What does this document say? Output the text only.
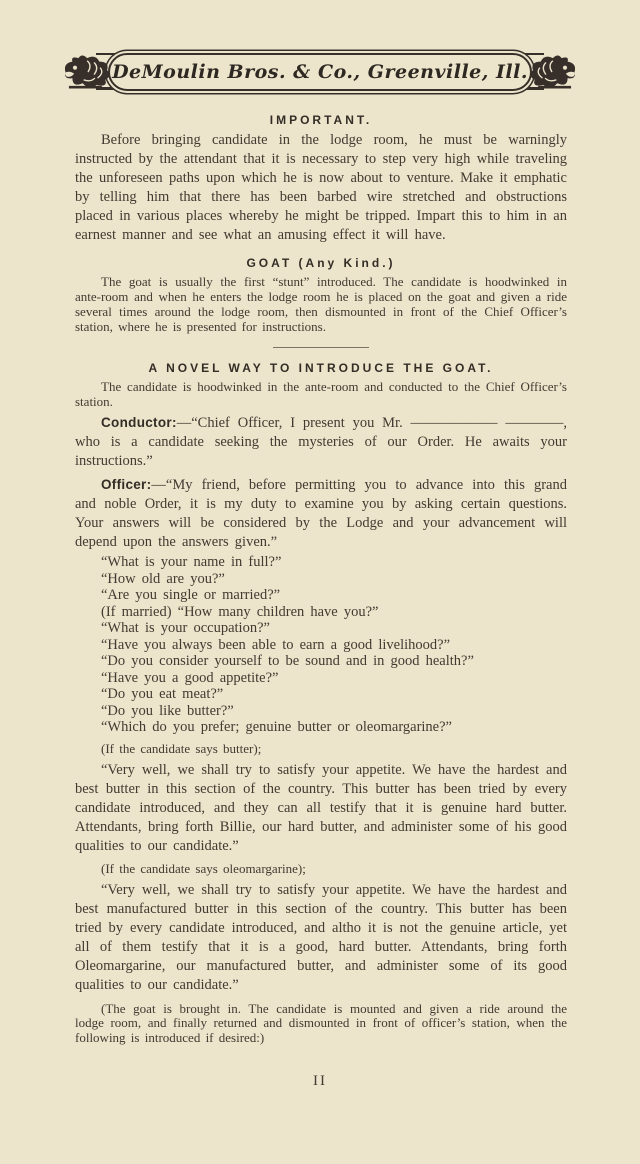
DeMoulin Bros. & Co., Greenville, Ill.
IMPORTANT.

Before bringing candidate in the lodge room, he must be warningly instructed by the attendant that it is necessary to step very high while traveling the unforeseen paths upon which he is now about to venture. Make it emphatic by telling him that there has been barbed wire stretched and obstructions placed in various places whereby he might be tripped. Impart this to him in an earnest manner and see what an amusing effect it will have.

GOAT (Any Kind.)

The goat is usually the first “stunt” introduced. The candidate is hoodwinked in ante-room and when he enters the lodge room he is placed on the goat and given a ride several times around the lodge room, then dismounted in front of the Chief Officer’s station, where he is presented for instructions.

A NOVEL WAY TO INTRODUCE THE GOAT.

The candidate is hoodwinked in the ante-room and conducted to the Chief Officer’s station.

Conductor:—“Chief Officer, I present you Mr. —————— ————, who is a candidate seeking the mysteries of our Order. He awaits your instructions.”

Officer:—“My friend, before permitting you to advance into this grand and noble Order, it is my duty to examine you by asking certain questions. Your answers will be considered by the Lodge and your advancement will depend upon the answers given.”

“What is your name in full?”
“How old are you?”
“Are you single or married?”
(If married) “How many children have you?”
“What is your occupation?”
“Have you always been able to earn a good livelihood?”
“Do you consider yourself to be sound and in good health?”
“Have you a good appetite?”
“Do you eat meat?”
“Do you like butter?”
“Which do you prefer; genuine butter or oleomargarine?”
(If the candidate says butter);

“Very well, we shall try to satisfy your appetite. We have the hardest and best butter in this section of the country. This butter has been tried by every candidate introduced, and they can all testify that it is genuine hard butter. Attendants, bring forth Billie, our hard butter, and administer some of his good qualities to our candidate.”

(If the candidate says oleomargarine);

“Very well, we shall try to satisfy your appetite. We have the hardest and best manufactured butter in this section of the country. This butter has been tried by every candidate introduced, and altho it is not the genuine article, yet all of them testify that it is a good, hard butter. Attendants, bring forth Oleomargarine, our manufactured butter, and administer some of its good qualities to our candidate.”

(The goat is brought in. The candidate is mounted and given a ride around the lodge room, and finally returned and dismounted in front of officer’s station, when the following is introduced if desired:)

II
